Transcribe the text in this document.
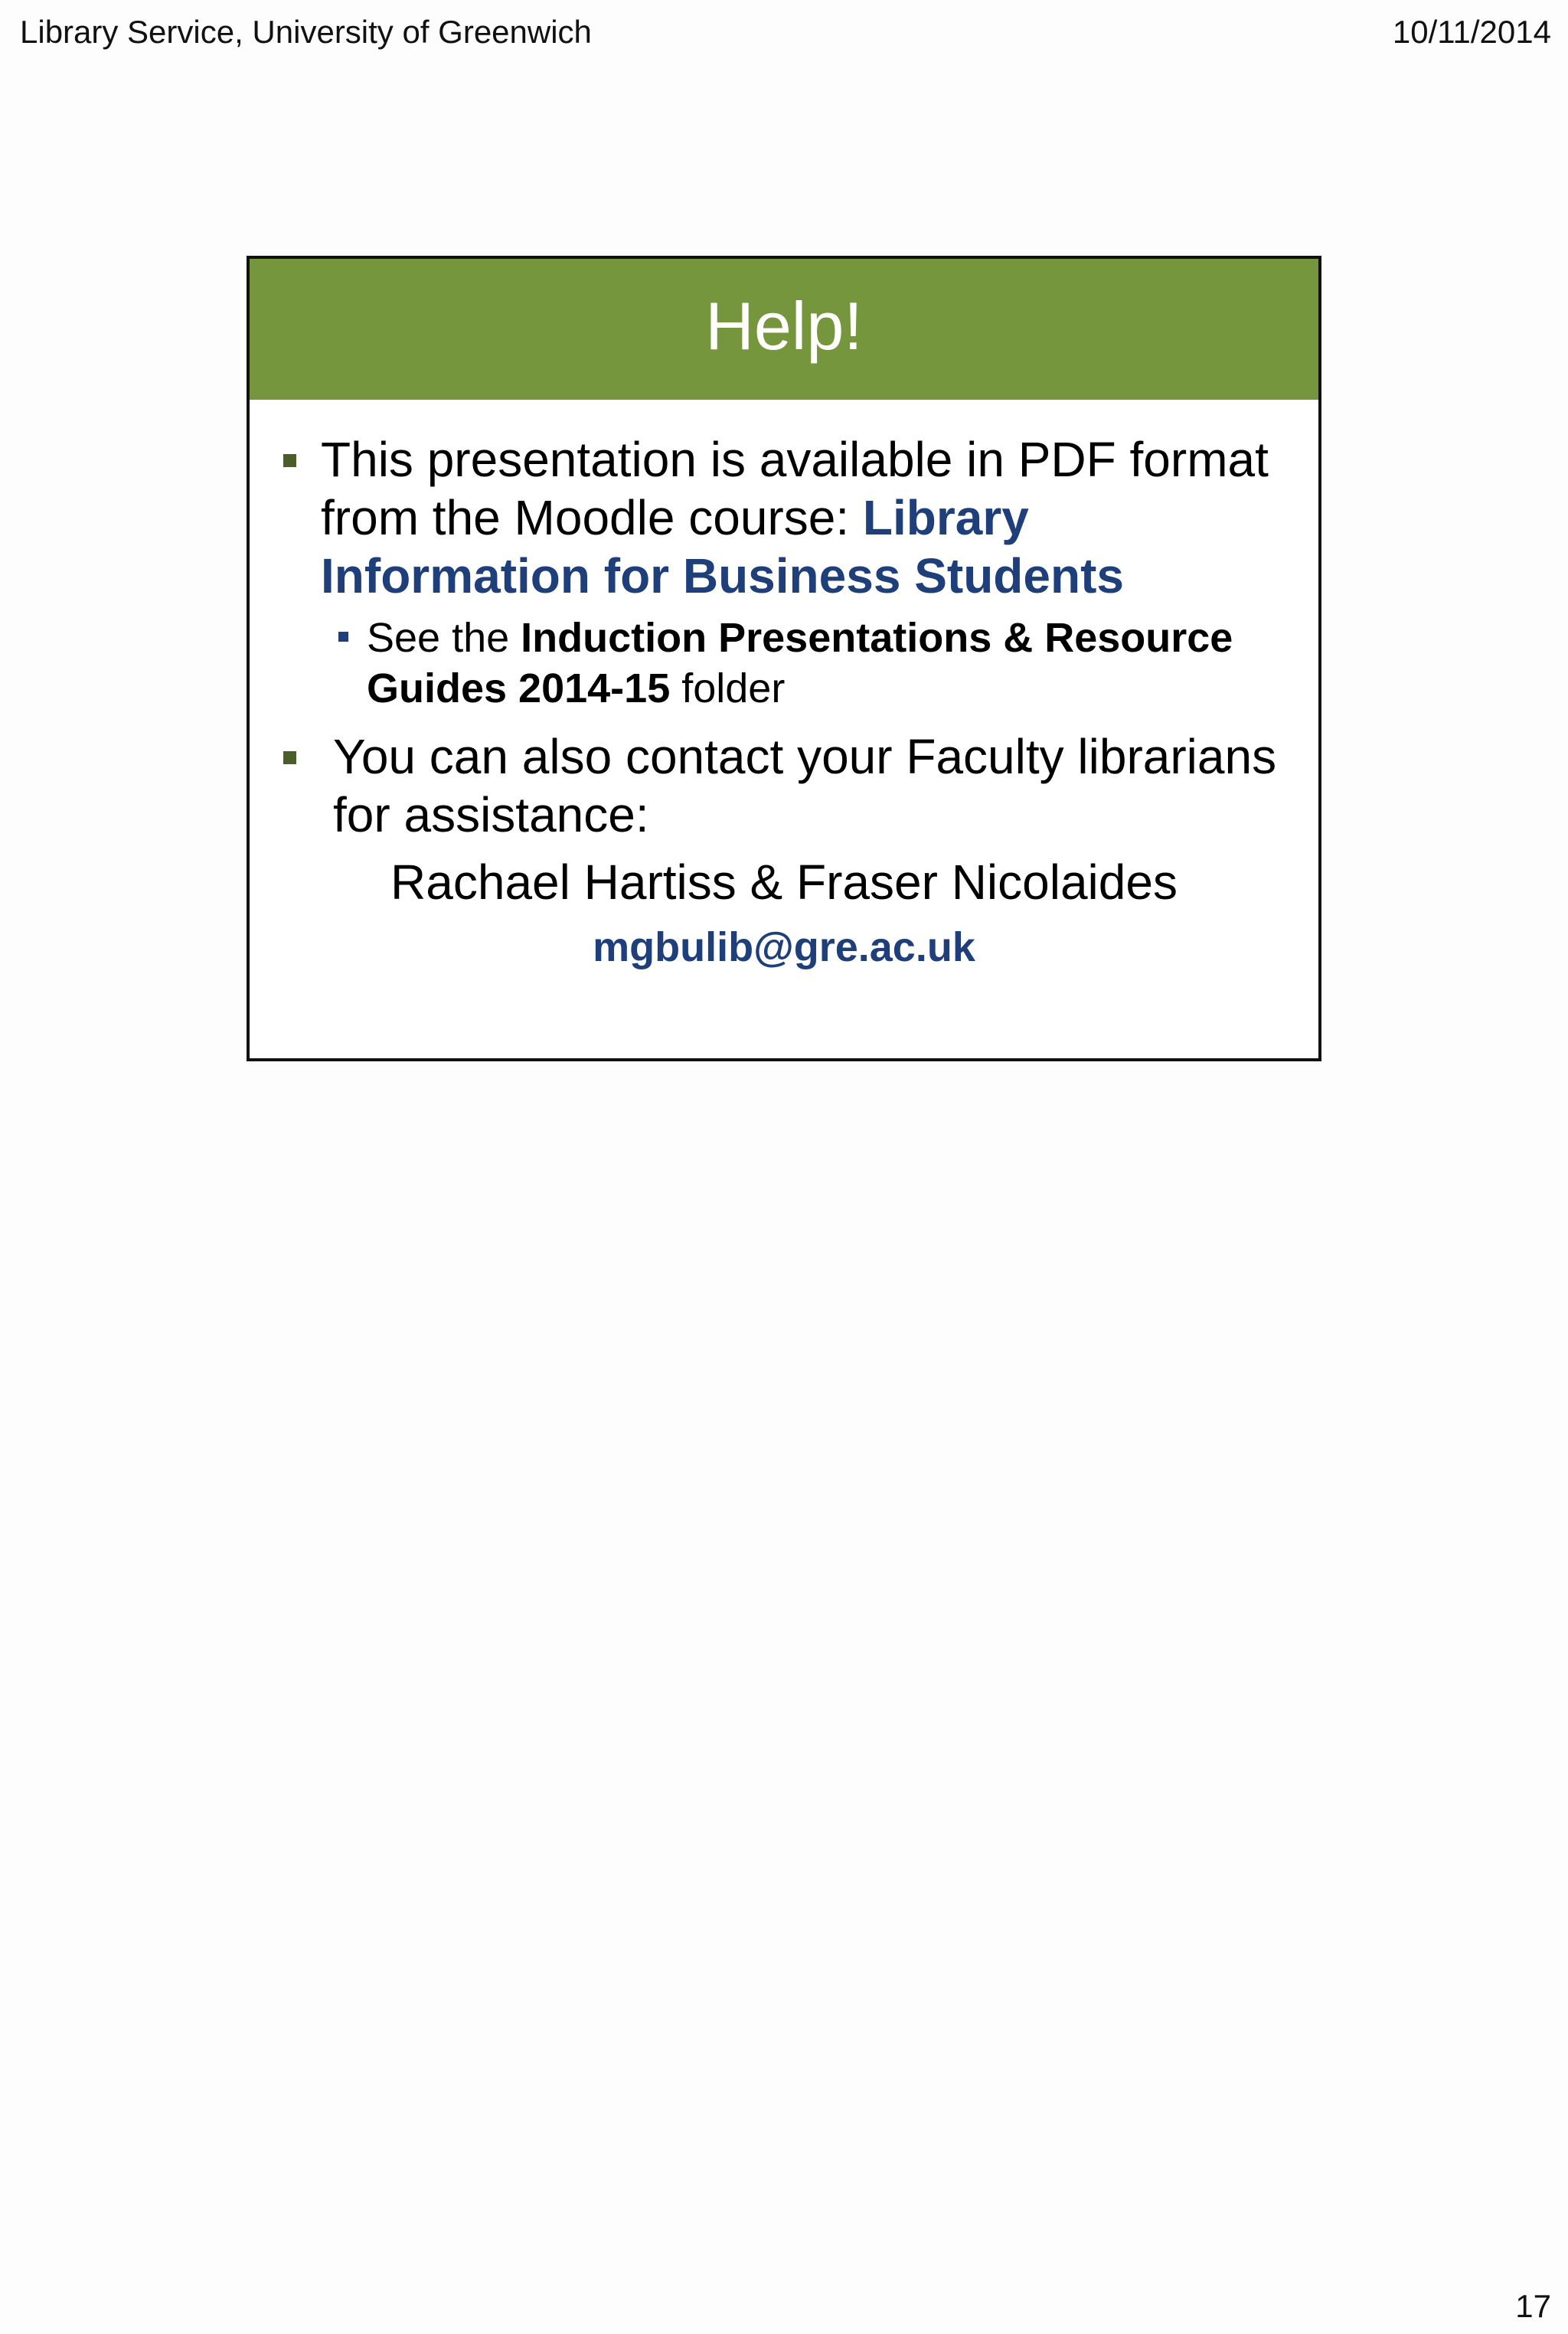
Library Service, University of Greenwich	10/11/2014
Help!
This presentation is available in PDF format from the Moodle course: Library Information for Business Students
See the Induction Presentations & Resource Guides 2014-15 folder
You can also contact your Faculty librarians for assistance:
Rachael Hartiss & Fraser Nicolaides
mgbulib@gre.ac.uk
17
